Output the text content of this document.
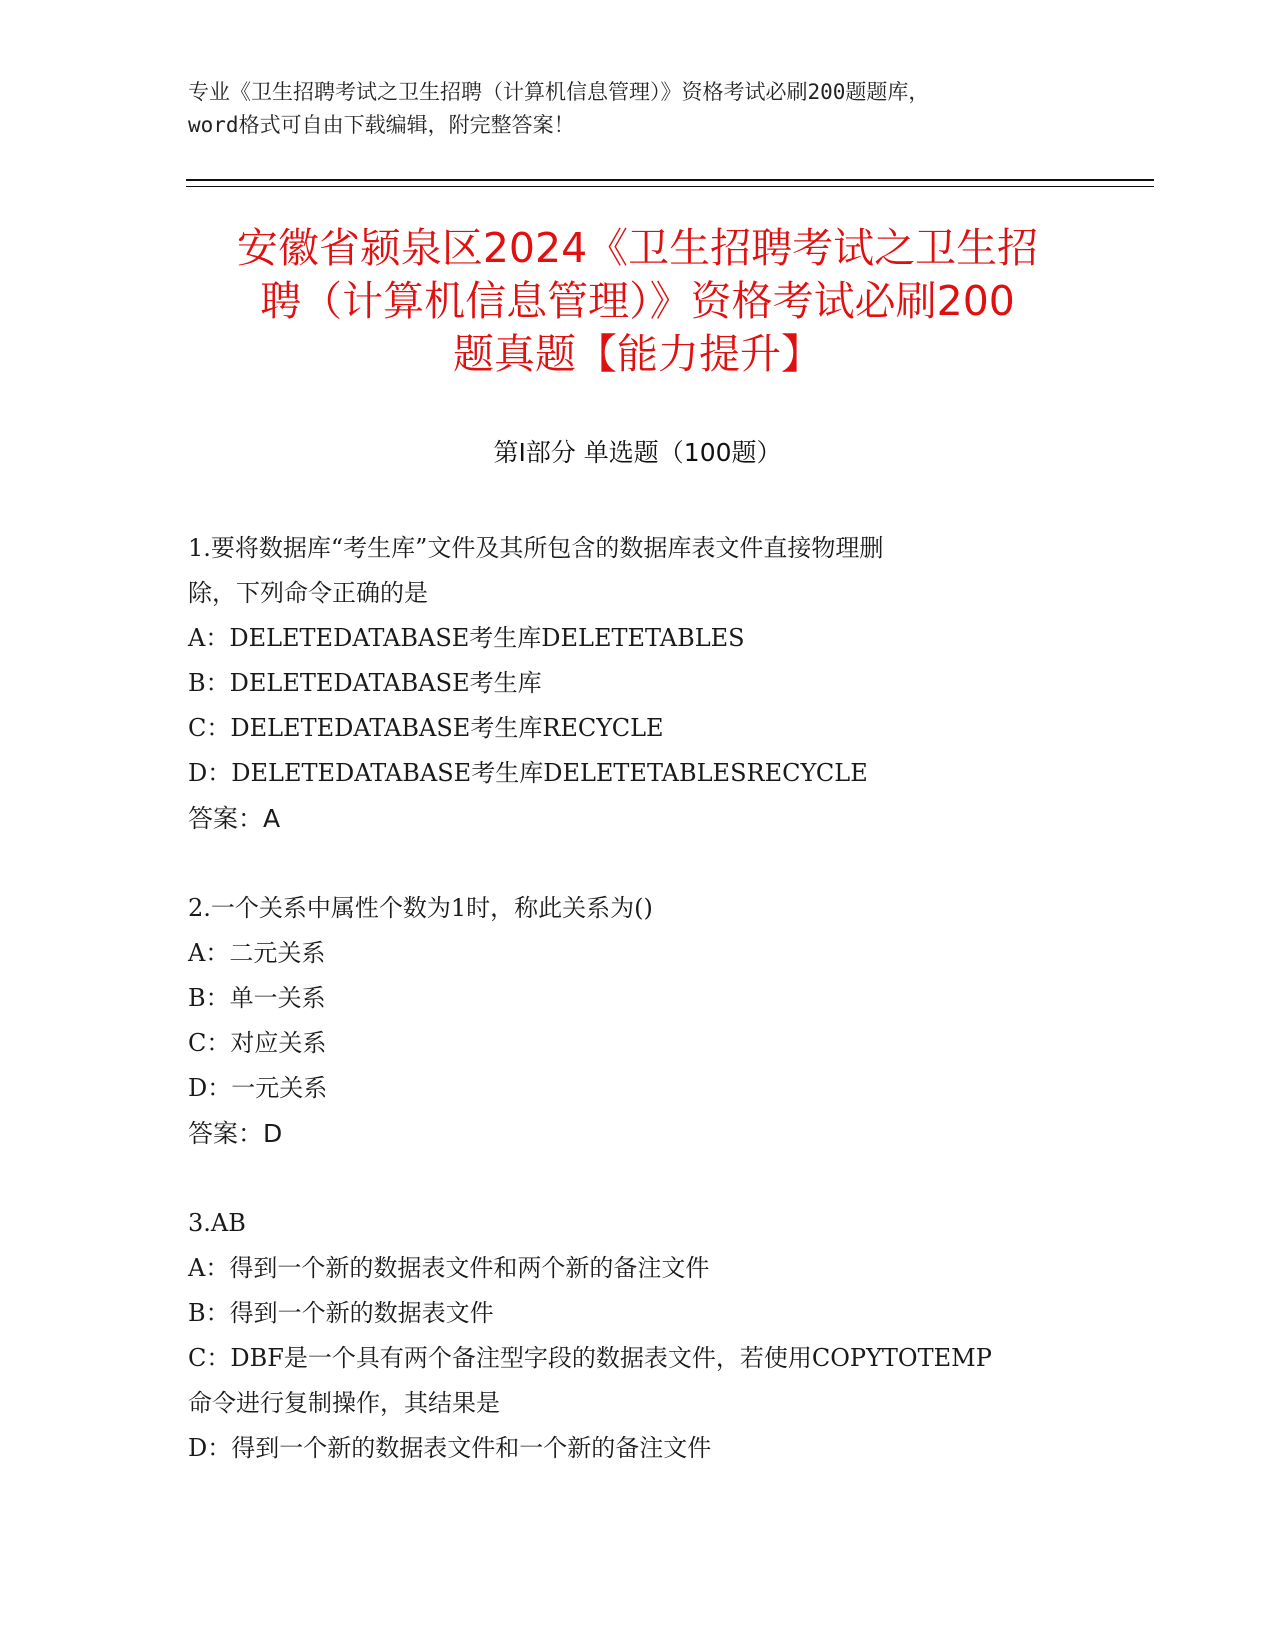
专业《卫生招聘考试之卫生招聘（计算机信息管理）》资格考试必刷200题题库，
word格式可自由下载编辑，附完整答案！
安徽省颍泉区2024《卫生招聘考试之卫生招
聘（计算机信息管理）》资格考试必刷200
题真题【能力提升】
第Ⅰ部分 单选题（100题）
1.要将数据库“考生库”文件及其所包含的数据库表文件直接物理删
除，下列命令正确的是
A：DELETEDATABASE考生库DELETETABLES
B：DELETEDATABASE考生库
C：DELETEDATABASE考生库RECYCLE
D：DELETEDATABASE考生库DELETETABLESRECYCLE
答案：A
2.一个关系中属性个数为1时，称此关系为()
A：二元关系
B：单一关系
C：对应关系
D：一元关系
答案：D
3.AB
A：得到一个新的数据表文件和两个新的备注文件
B：得到一个新的数据表文件
C：DBF是一个具有两个备注型字段的数据表文件，若使用COPYTOTEMP
命令进行复制操作，其结果是
D：得到一个新的数据表文件和一个新的备注文件
